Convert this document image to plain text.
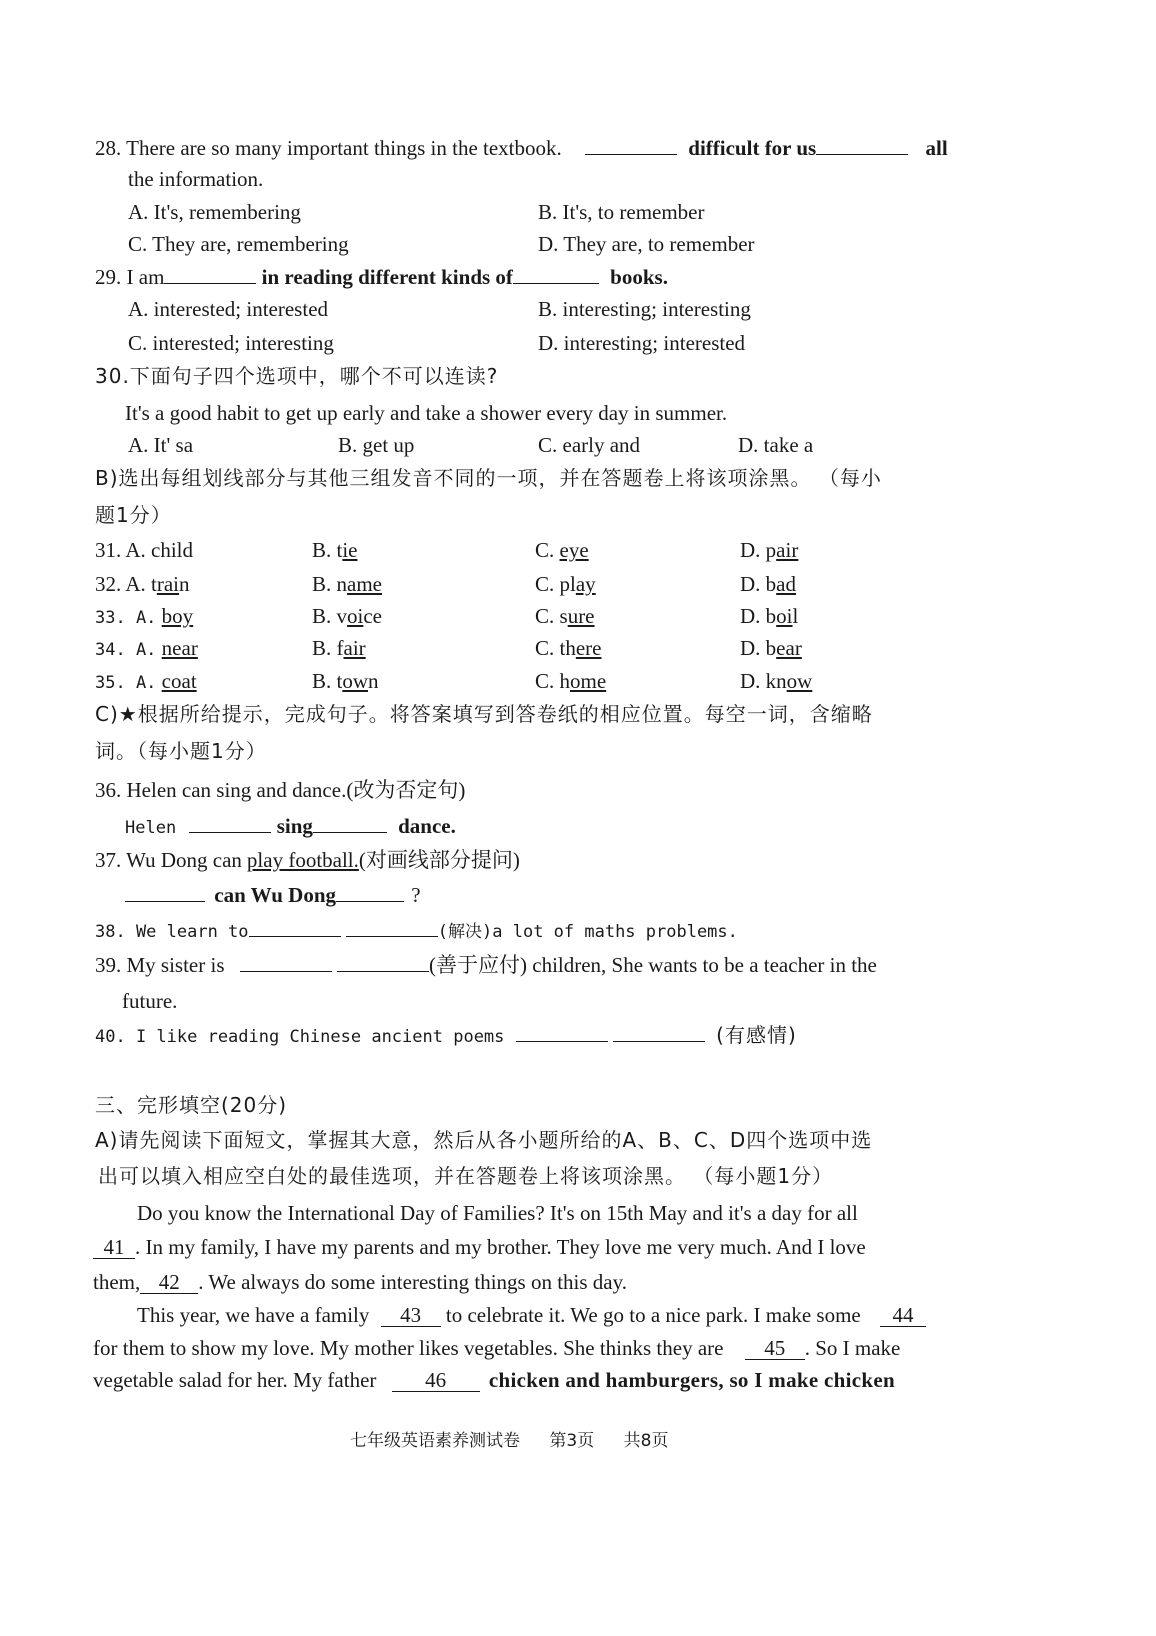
28. There are so many important things in the textbook.	difficult for us	all
the information.
A. It's, remembering	B. It's, to remember
C. They are, remembering	D. They are, to remember
29. I am	in reading different kinds of	books.
A. interested; interested	B. interesting; interesting
C. interested; interesting	D. interesting; interested
30.下面句子四个选项中，哪个不可以连读?
It's a good habit to get up early and take a shower every day in summer.
A. It' sa	B. get up	C. early and	D. take a
B)选出每组划线部分与其他三组发音不同的一项，并在答题卷上将该项涂黑。 （每小
题1分）
31. A. child	B. tie	C. eye	D. pair
32. A. train	B. name	C. play	D. bad
33. A. boy	B. voice	C. sure	D. boil
34. A. near	B. fair	C. there	D. bear
35. A. coat	B. town	C. home	D. know
C)★根据所给提示，完成句子。将答案填写到答卷纸的相应位置。每空一词，含缩略
词。（每小题1分）
36. Helen can sing and dance.(改为否定句)
Helen	sing	dance.
37. Wu Dong can play football.(对画线部分提问)
can Wu Dong	?
38. We learn to	(解决)a lot of maths problems.
39. My sister is	(善于应付) children, She wants to be a teacher in the
future.
40. I like reading Chinese ancient poems	(有感情)
三、完形填空(20分)
A)请先阅读下面短文，掌握其大意，然后从各小题所给的A、B、C、D四个选项中选
出可以填入相应空白处的最佳选项，并在答题卷上将该项涂黑。 （每小题1分）
Do you know the International Day of Families? It's on 15th May and it's a day for all
41 . In my family, I have my parents and my brother. They love me very much. And I love
them, 42 . We always do some interesting things on this day.
This year, we have a family 43 to celebrate it. We go to a nice park. I make some 44
for them to show my love. My mother likes vegetables. She thinks they are 45 . So I make
vegetable salad for her. My father 46 chicken and hamburgers, so I make chicken
七年级英语素养测试卷 第3页 共8页
